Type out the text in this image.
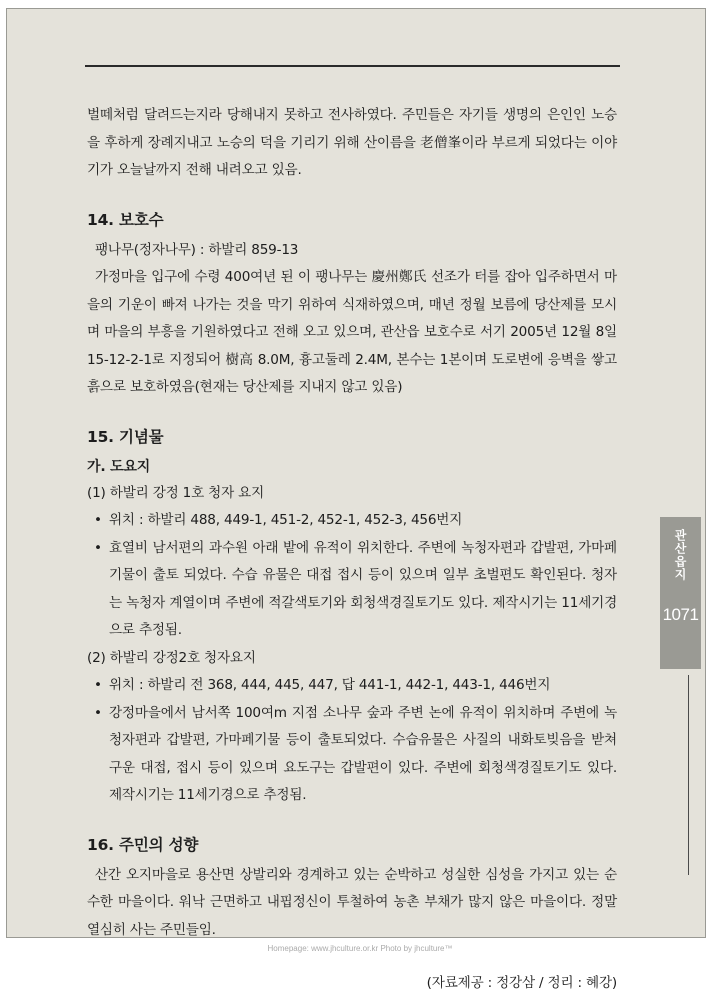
벌떼처럼 달려드는지라 당해내지 못하고 전사하였다. 주민들은 자기들 생명의 은인인 노승을 후하게 장례지내고 노승의 덕을 기리기 위해 산이름을 老僧峯이라 부르게 되었다는 이야기가 오늘날까지 전해 내려오고 있음.

14. 보호수

팽나무(정자나무) : 하발리 859-13

가정마을 입구에 수령 400여년 된 이 팽나무는 慶州鄭氏 선조가 터를 잡아 입주하면서 마을의 기운이 빠져 나가는 것을 막기 위하여 식재하였으며, 매년 정월 보름에 당산제를 모시며 마을의 부흥을 기원하였다고 전해 오고 있으며, 관산읍 보호수로 서기 2005년 12월 8일 15-12-2-1로 지정되어 樹高 8.0M, 흉고둘레 2.4M, 본수는 1본이며 도로변에 응벽을 쌓고 흙으로 보호하였음(현재는 당산제를 지내지 않고 있음)

15. 기념물
가. 도요지

(1) 하발리 강정 1호 청자 요지

• 위치 : 하발리 488, 449-1, 451-2, 452-1, 452-3, 456번지

• 효열비 남서편의 과수원 아래 밭에 유적이 위치한다. 주변에 녹청자편과 갑발편, 가마페기물이 출토 되었다. 수습 유물은 대접 접시 등이 있으며 일부 초벌편도 확인된다. 청자는 녹청자 계열이며 주변에 적갈색토기와 회청색경질토기도 있다. 제작시기는 11세기경으로 추정됨.

(2) 하발리 강정2호 청자요지

• 위치 : 하발리 전 368, 444, 445, 447, 답 441-1, 442-1, 443-1, 446번지

• 강정마을에서 남서쪽 100여m 지점 소나무 숲과 주변 논에 유적이 위치하며 주변에 녹청자편과 갑발편, 가마페기물 등이 출토되었다. 수습유물은 사질의 내화토빚음을 받쳐 구운 대접, 접시 등이 있으며 요도구는 갑발편이 있다. 주변에 회청색경질토기도 있다. 제작시기는 11세기경으로 추정됨.

16. 주민의 성향

산간 오지마을로 용산면 상발리와 경계하고 있는 순박하고 성실한 심성을 가지고 있는 순수한 마을이다. 워낙 근면하고 내핍정신이 투철하여 농촌 부채가 많지 않은 마을이다. 정말 열심히 사는 주민들임.

(자료제공 : 정강삼 / 정리 : 혜강)

관산읍지
1071
Homepage: www.jhculture.or.kr Photo by jhculture™
